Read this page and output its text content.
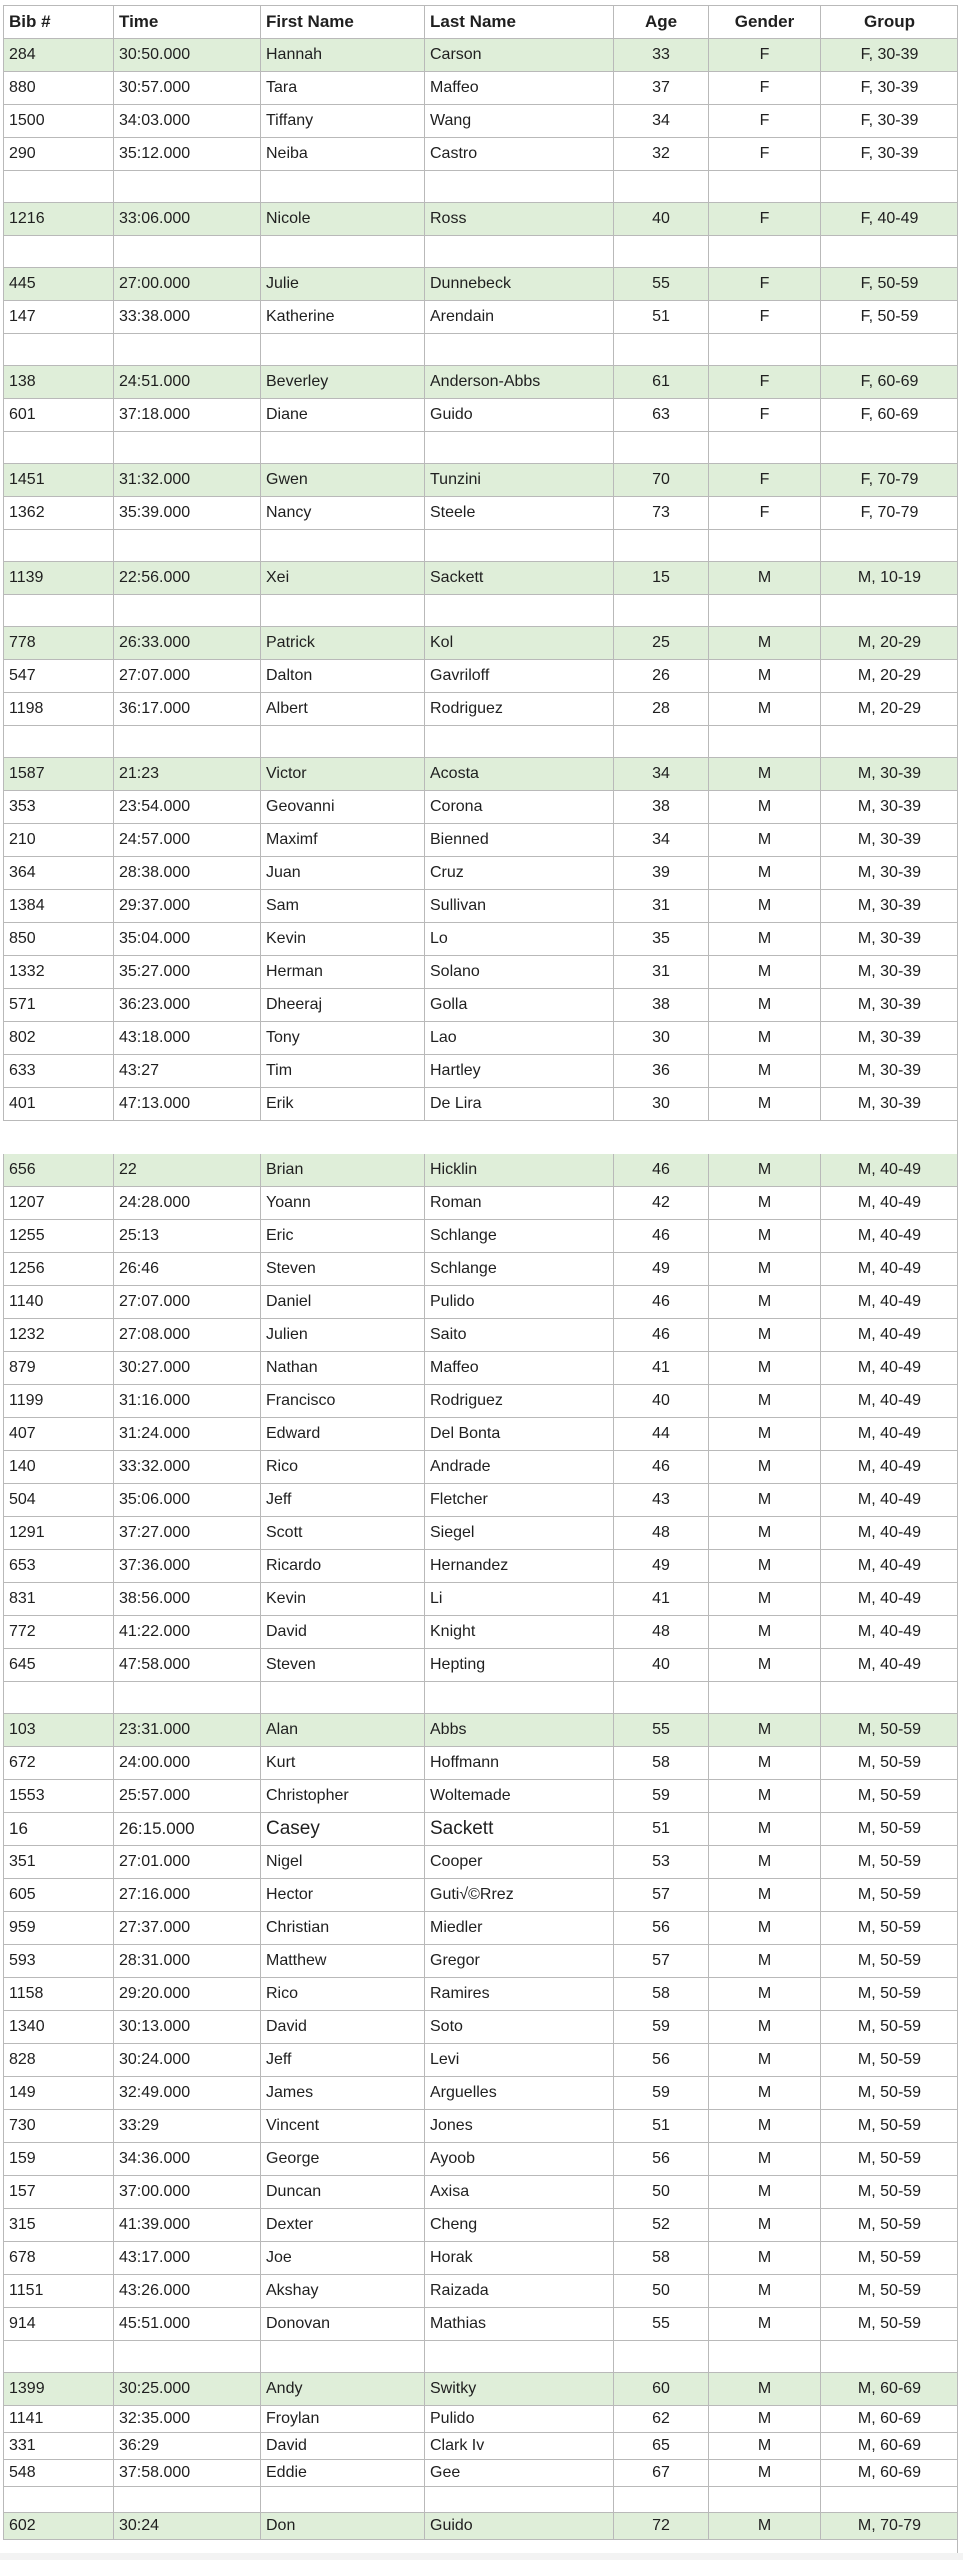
Bib #	Time	First Name	Last Name	Age	Gender	Group
284	30:50.000	Hannah	Carson	33	F	F, 30-39
880	30:57.000	Tara	Maffeo	37	F	F, 30-39
1500	34:03.000	Tiffany	Wang	34	F	F, 30-39
290	35:12.000	Neiba	Castro	32	F	F, 30-39

1216	33:06.000	Nicole	Ross	40	F	F, 40-49

445	27:00.000	Julie	Dunnebeck	55	F	F, 50-59
147	33:38.000	Katherine	Arendain	51	F	F, 50-59

138	24:51.000	Beverley	Anderson-Abbs	61	F	F, 60-69
601	37:18.000	Diane	Guido	63	F	F, 60-69

1451	31:32.000	Gwen	Tunzini	70	F	F, 70-79
1362	35:39.000	Nancy	Steele	73	F	F, 70-79

1139	22:56.000	Xei	Sackett	15	M	M, 10-19

778	26:33.000	Patrick	Kol	25	M	M, 20-29
547	27:07.000	Dalton	Gavriloff	26	M	M, 20-29
1198	36:17.000	Albert	Rodriguez	28	M	M, 20-29

1587	21:23	Victor	Acosta	34	M	M, 30-39
353	23:54.000	Geovanni	Corona	38	M	M, 30-39
210	24:57.000	Maximf	Bienned	34	M	M, 30-39
364	28:38.000	Juan	Cruz	39	M	M, 30-39
1384	29:37.000	Sam	Sullivan	31	M	M, 30-39
850	35:04.000	Kevin	Lo	35	M	M, 30-39
1332	35:27.000	Herman	Solano	31	M	M, 30-39
571	36:23.000	Dheeraj	Golla	38	M	M, 30-39
802	43:18.000	Tony	Lao	30	M	M, 30-39
633	43:27	Tim	Hartley	36	M	M, 30-39
401	47:13.000	Erik	De Lira	30	M	M, 30-39

656	22	Brian	Hicklin	46	M	M, 40-49
1207	24:28.000	Yoann	Roman	42	M	M, 40-49
1255	25:13	Eric	Schlange	46	M	M, 40-49
1256	26:46	Steven	Schlange	49	M	M, 40-49
1140	27:07.000	Daniel	Pulido	46	M	M, 40-49
1232	27:08.000	Julien	Saito	46	M	M, 40-49
879	30:27.000	Nathan	Maffeo	41	M	M, 40-49
1199	31:16.000	Francisco	Rodriguez	40	M	M, 40-49
407	31:24.000	Edward	Del Bonta	44	M	M, 40-49
140	33:32.000	Rico	Andrade	46	M	M, 40-49
504	35:06.000	Jeff	Fletcher	43	M	M, 40-49
1291	37:27.000	Scott	Siegel	48	M	M, 40-49
653	37:36.000	Ricardo	Hernandez	49	M	M, 40-49
831	38:56.000	Kevin	Li	41	M	M, 40-49
772	41:22.000	David	Knight	48	M	M, 40-49
645	47:58.000	Steven	Hepting	40	M	M, 40-49

103	23:31.000	Alan	Abbs	55	M	M, 50-59
672	24:00.000	Kurt	Hoffmann	58	M	M, 50-59
1553	25:57.000	Christopher	Woltemade	59	M	M, 50-59
16	26:15.000	Casey	Sackett	51	M	M, 50-59
351	27:01.000	Nigel	Cooper	53	M	M, 50-59
605	27:16.000	Hector	Guti√©Rrez	57	M	M, 50-59
959	27:37.000	Christian	Miedler	56	M	M, 50-59
593	28:31.000	Matthew	Gregor	57	M	M, 50-59
1158	29:20.000	Rico	Ramires	58	M	M, 50-59
1340	30:13.000	David	Soto	59	M	M, 50-59
828	30:24.000	Jeff	Levi	56	M	M, 50-59
149	32:49.000	James	Arguelles	59	M	M, 50-59
730	33:29	Vincent	Jones	51	M	M, 50-59
159	34:36.000	George	Ayoob	56	M	M, 50-59
157	37:00.000	Duncan	Axisa	50	M	M, 50-59
315	41:39.000	Dexter	Cheng	52	M	M, 50-59
678	43:17.000	Joe	Horak	58	M	M, 50-59
1151	43:26.000	Akshay	Raizada	50	M	M, 50-59
914	45:51.000	Donovan	Mathias	55	M	M, 50-59

1399	30:25.000	Andy	Switky	60	M	M, 60-69
1141	32:35.000	Froylan	Pulido	62	M	M, 60-69
331	36:29	David	Clark Iv	65	M	M, 60-69
548	37:58.000	Eddie	Gee	67	M	M, 60-69

602	30:24	Don	Guido	72	M	M, 70-79
